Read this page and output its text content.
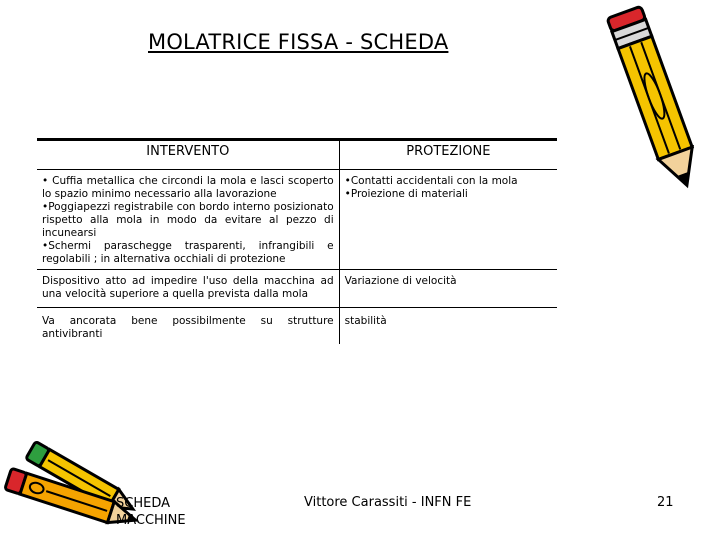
MOLATRICE FISSA - SCHEDA
INTERVENTO	PROTEZIONE

• Cuffia metallica che circondi la mola e lasci scoperto lo spazio minimo necessario alla lavorazione
•Poggiapezzi registrabile con bordo interno posizionato rispetto alla mola in modo da evitare al pezzo di incunearsi
•Schermi paraschegge trasparenti, infrangibili e regolabili ; in alternativa occhiali di protezione	•Contatti accidentali con la mola
•Proiezione di materiali

Dispositivo atto ad impedire l'uso della macchina ad una velocità superiore a quella prevista dalla mola	Variazione di velocità

Va ancorata bene possibilmente su strutture antivibranti	stabilità
SCHEDA
MACCHINE
Vittore Carassiti - INFN FE	21
